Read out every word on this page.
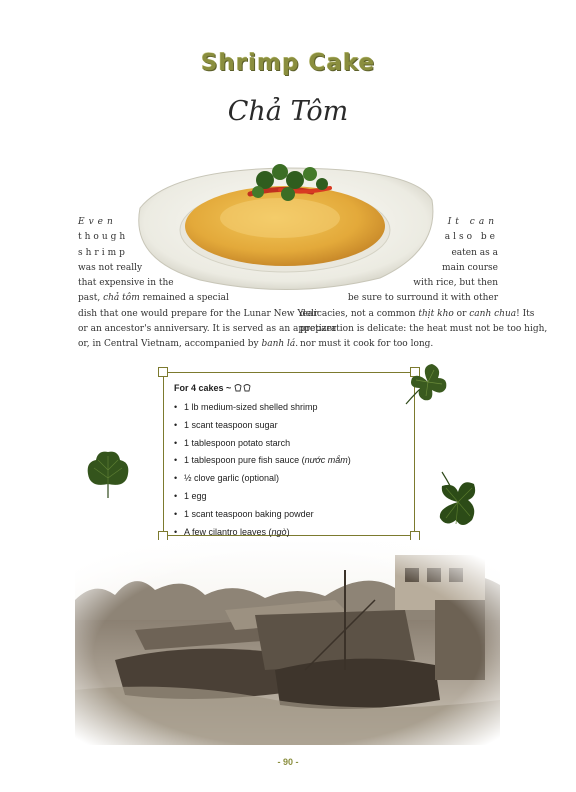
Shrimp Cake
Chả Tôm
Even
though
shrimp
was not really
that expensive in the
past, chả tôm remained a special
dish that one would prepare for the Lunar New Year
or an ancestor's anniversary. It is served as an appetizer
or, in Central Vietnam, accompanied by banh lá.
It can
also be
eaten as a
main course
with rice, but then
be sure to surround it with other
delicacies, not a common thịt kho or canh chua! Its
preparation is delicate: the heat must not be too high,
nor must it cook for too long.
For 4 cakes ~
• 1 lb medium-sized shelled shrimp
• 1 scant teaspoon sugar
• 1 tablespoon potato starch
• 1 tablespoon pure fish sauce (nước mắm)
• ½ clove garlic (optional)
• 1 egg
• 1 scant teaspoon baking powder
• A few cilantro leaves (ngò)
- 90 -
